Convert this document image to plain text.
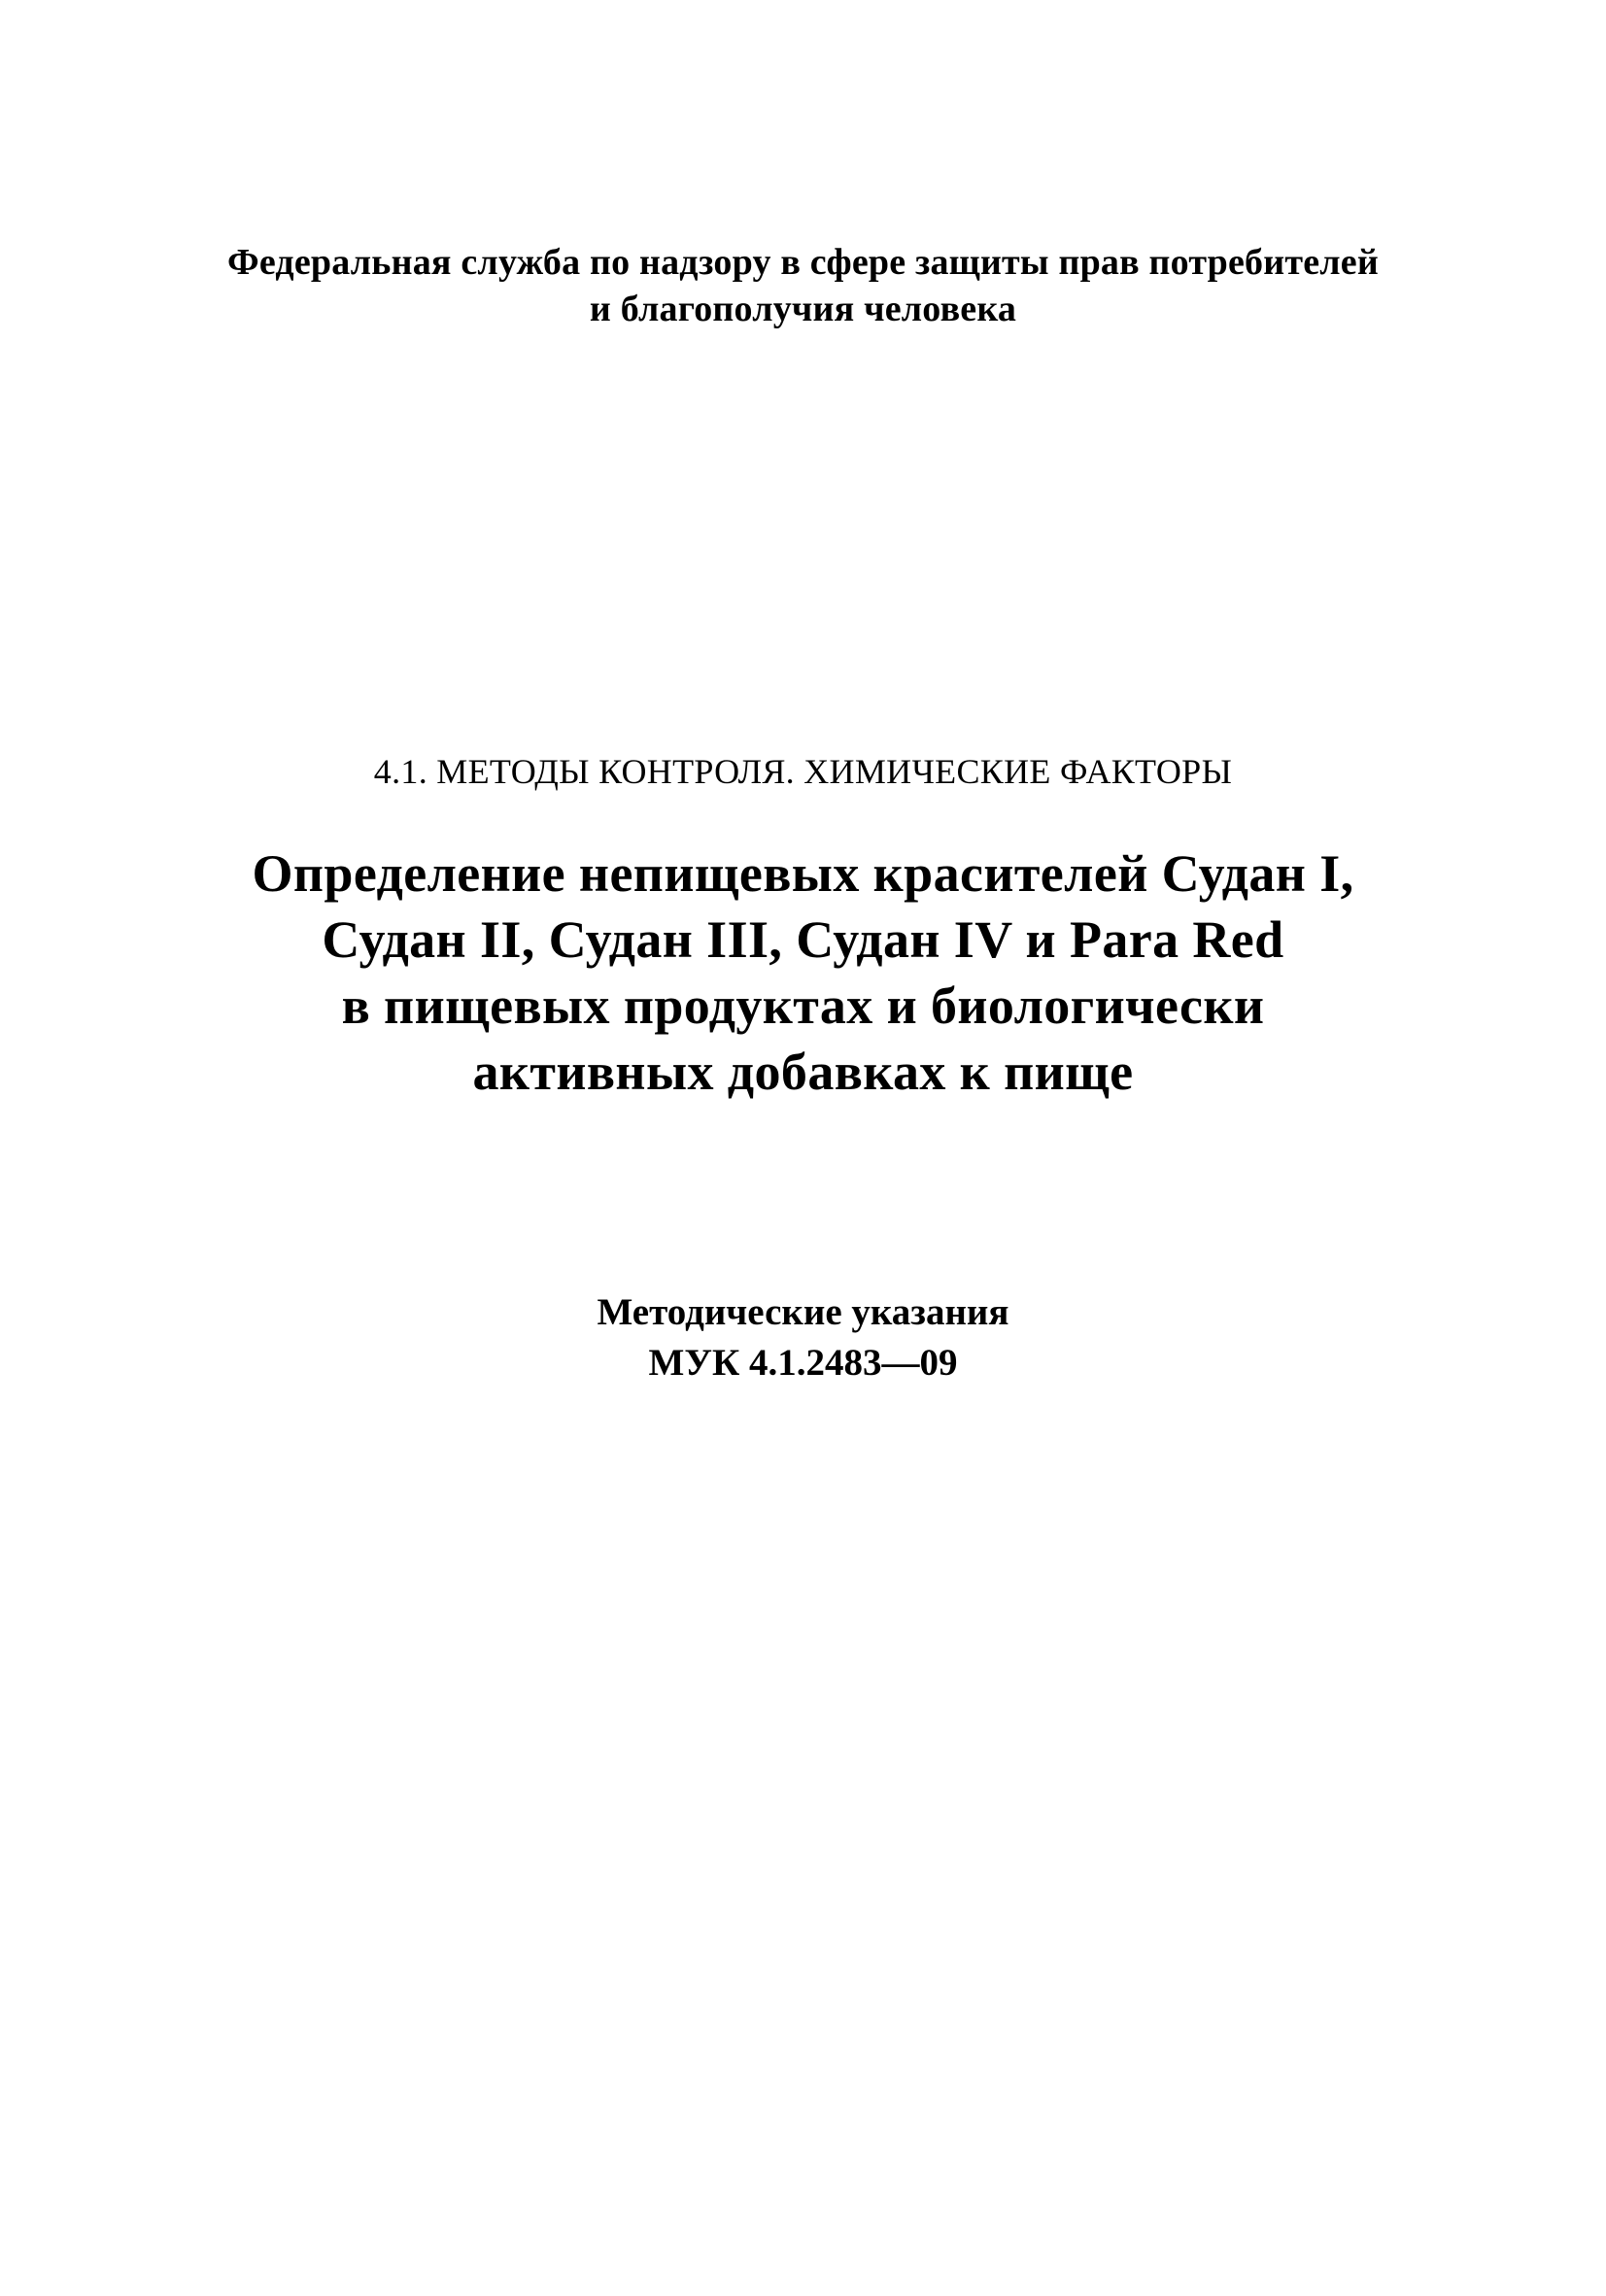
Федеральная служба по надзору в сфере защиты прав потребителей

и благополучия человека

4.1. МЕТОДЫ КОНТРОЛЯ. ХИМИЧЕСКИЕ ФАКТОРЫ

Определение непищевых красителей Судан I,

Судан II, Судан III, Судан IV и Para Red

в пищевых продуктах и биологически

активных добавках к пище

Методические указания

МУК 4.1.2483—09
